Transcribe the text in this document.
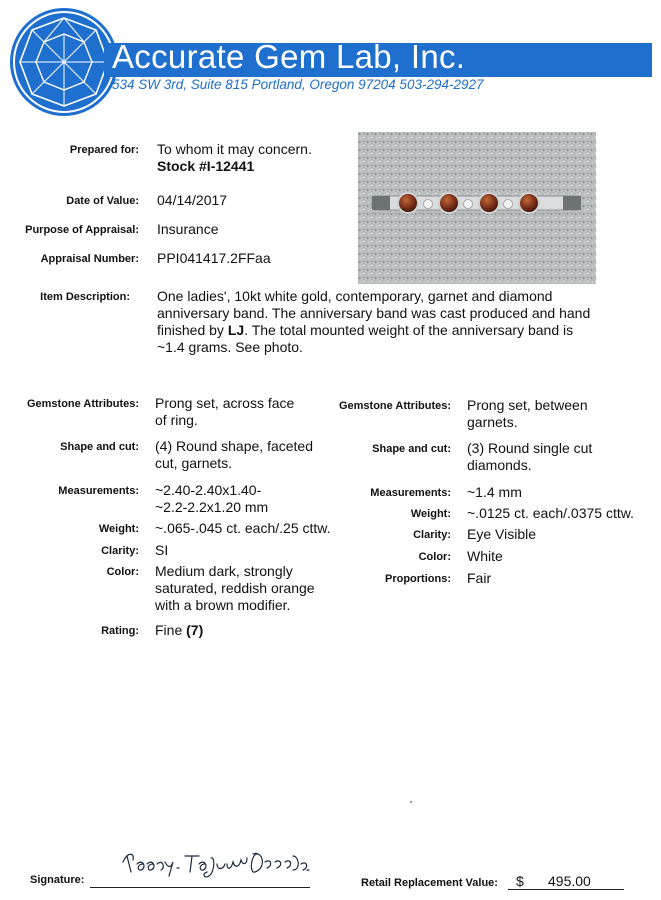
Accurate Gem Lab, Inc.
534 SW 3rd, Suite 815 Portland, Oregon 97204 503-294-2927
Prepared for: To whom it may concern.
Stock #I-12441
Date of Value: 04/14/2017
Purpose of Appraisal: Insurance
Appraisal Number: PPI041417.2FFaa
Item Description: One ladies', 10kt white gold, contemporary, garnet and diamond
anniversary band. The anniversary band was cast produced and hand
finished by LJ. The total mounted weight of the anniversary band is
~1.4 grams. See photo.
Gemstone Attributes: Prong set, across face
of ring.
Shape and cut: (4) Round shape, faceted
cut, garnets.
Measurements: ~2.40-2.40x1.40-
~2.2-2.2x1.20 mm
Weight: ~.065-.045 ct. each/.25 cttw.
Clarity: SI
Color: Medium dark, strongly
saturated, reddish orange
with a brown modifier.
Rating: Fine (7)
Gemstone Attributes: Prong set, between
garnets.
Shape and cut: (3) Round single cut
diamonds.
Measurements: ~1.4 mm
Weight: ~.0125 ct. each/.0375 cttw.
Clarity: Eye Visible
Color: White
Proportions: Fair
Signature:	Retail Replacement Value: $ 495.00
